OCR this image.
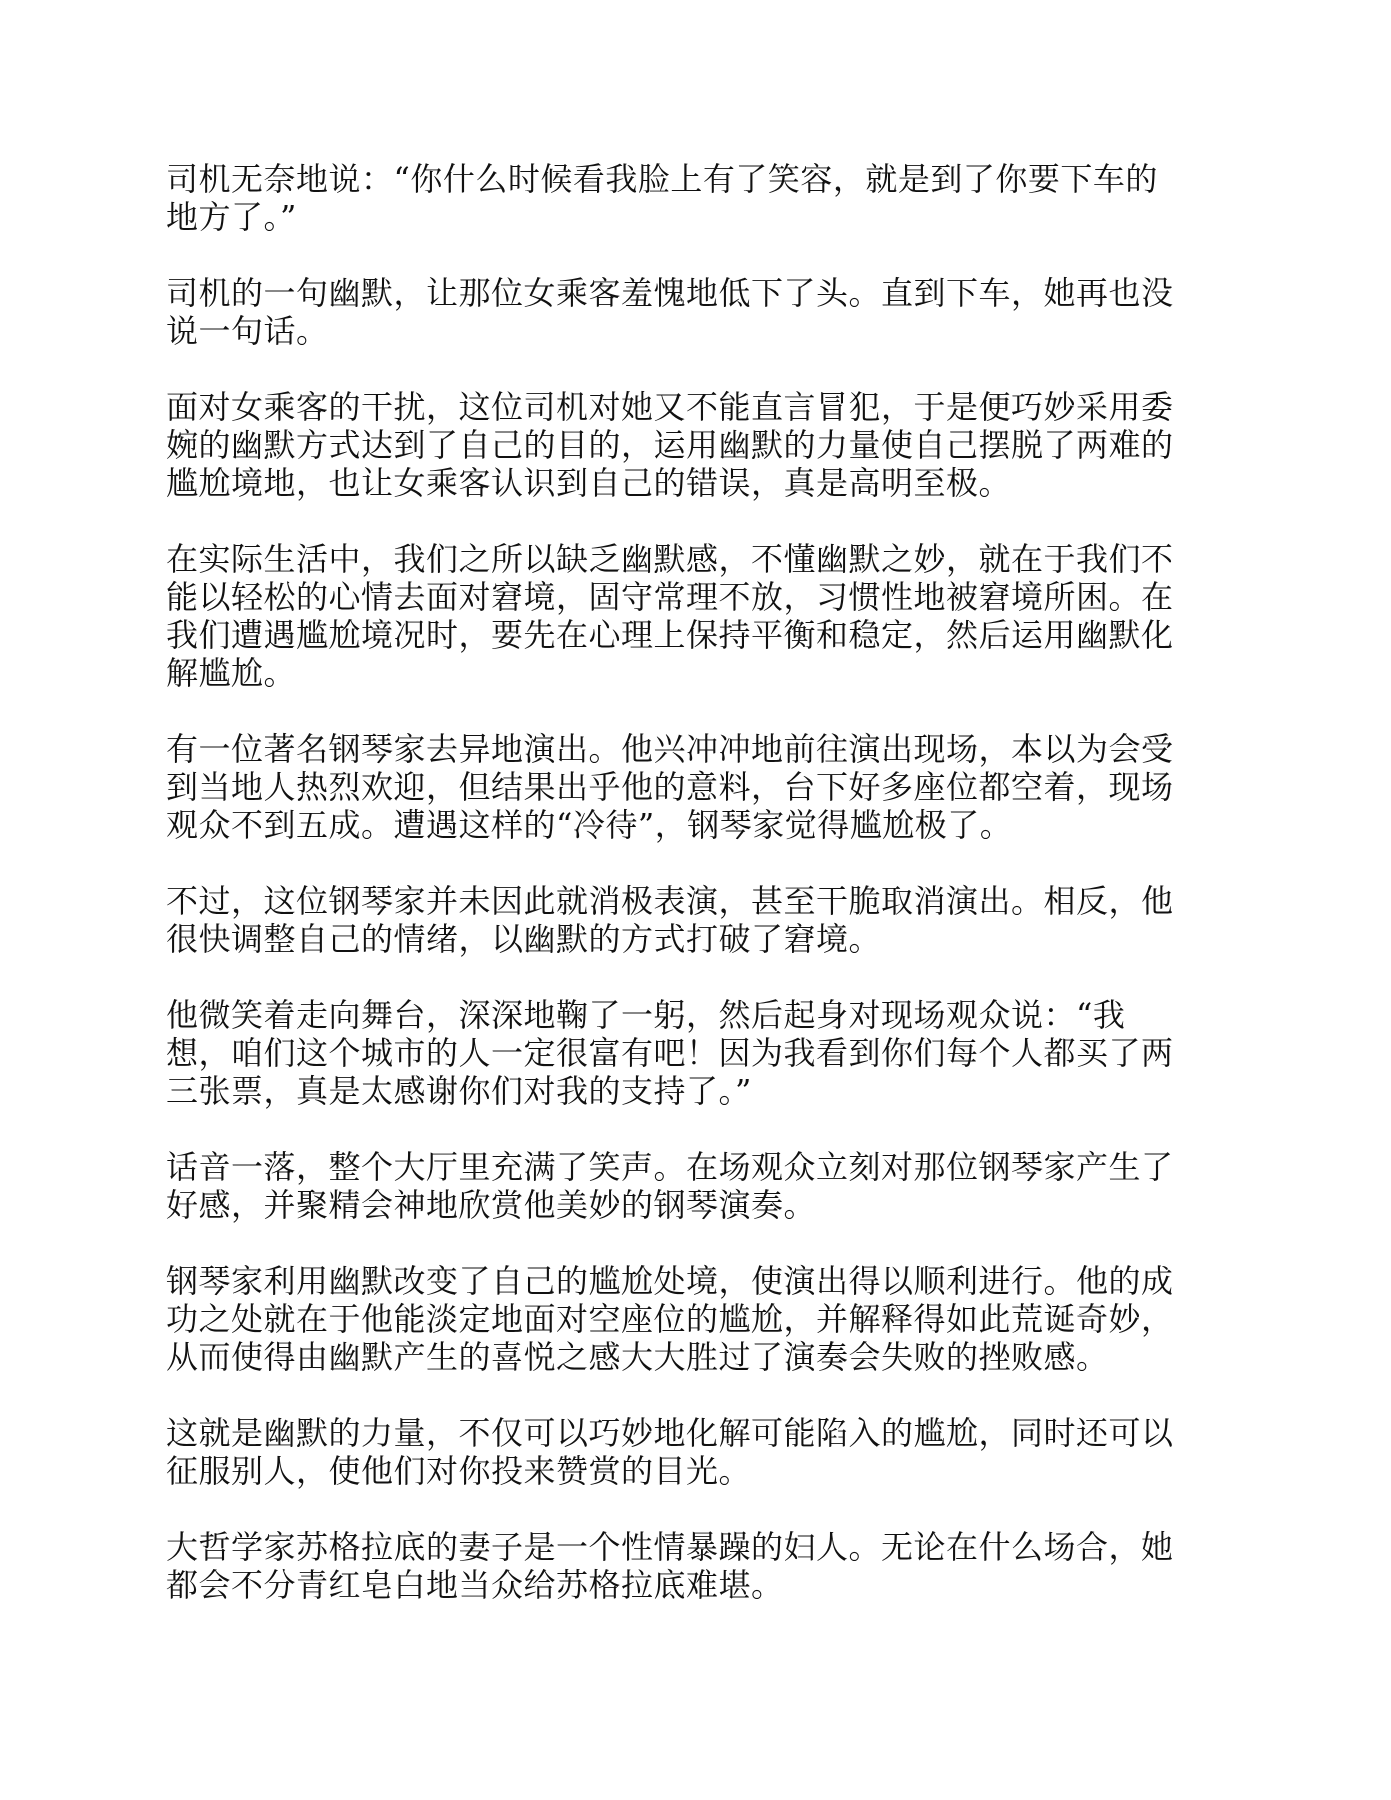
司机无奈地说：“你什么时候看我脸上有了笑容，就是到了你要下车的
地方了。”

司机的一句幽默，让那位女乘客羞愧地低下了头。直到下车，她再也没
说一句话。

面对女乘客的干扰，这位司机对她又不能直言冒犯，于是便巧妙采用委
婉的幽默方式达到了自己的目的，运用幽默的力量使自己摆脱了两难的
尴尬境地，也让女乘客认识到自己的错误，真是高明至极。

在实际生活中，我们之所以缺乏幽默感，不懂幽默之妙，就在于我们不
能以轻松的心情去面对窘境，固守常理不放，习惯性地被窘境所困。在
我们遭遇尴尬境况时，要先在心理上保持平衡和稳定，然后运用幽默化
解尴尬。

有一位著名钢琴家去异地演出。他兴冲冲地前往演出现场，本以为会受
到当地人热烈欢迎，但结果出乎他的意料，台下好多座位都空着，现场
观众不到五成。遭遇这样的“冷待”，钢琴家觉得尴尬极了。

不过，这位钢琴家并未因此就消极表演，甚至干脆取消演出。相反，他
很快调整自己的情绪，以幽默的方式打破了窘境。

他微笑着走向舞台，深深地鞠了一躬，然后起身对现场观众说：“我
想，咱们这个城市的人一定很富有吧！因为我看到你们每个人都买了两
三张票，真是太感谢你们对我的支持了。”

话音一落，整个大厅里充满了笑声。在场观众立刻对那位钢琴家产生了
好感，并聚精会神地欣赏他美妙的钢琴演奏。

钢琴家利用幽默改变了自己的尴尬处境，使演出得以顺利进行。他的成
功之处就在于他能淡定地面对空座位的尴尬，并解释得如此荒诞奇妙，
从而使得由幽默产生的喜悦之感大大胜过了演奏会失败的挫败感。

这就是幽默的力量，不仅可以巧妙地化解可能陷入的尴尬，同时还可以
征服别人，使他们对你投来赞赏的目光。

大哲学家苏格拉底的妻子是一个性情暴躁的妇人。无论在什么场合，她
都会不分青红皂白地当众给苏格拉底难堪。
